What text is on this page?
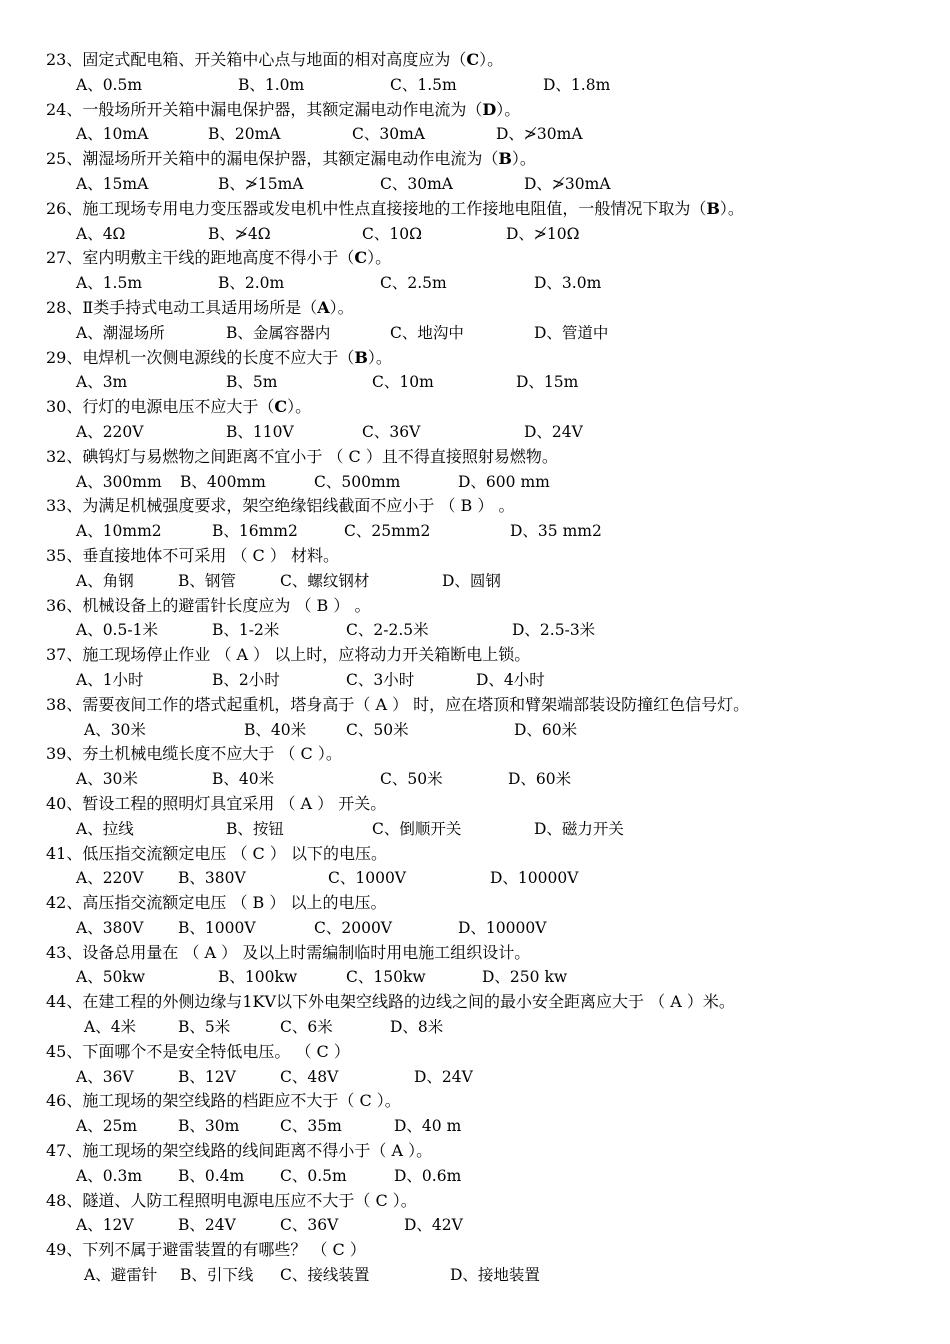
23、固定式配电箱、开关箱中心点与地面的相对高度应为（C）。
A、0.5m	B、1.0m	C、1.5m	D、1.8m
24、一般场所开关箱中漏电保护器，其额定漏电动作电流为（D）。
A、10mA	B、20mA	C、30mA	D、≯30mA
25、潮湿场所开关箱中的漏电保护器，其额定漏电动作电流为（B）。
A、15mA	B、≯15mA	C、30mA	D、≯30mA
26、施工现场专用电力变压器或发电机中性点直接接地的工作接地电阻值，一般情况下取为（B）。
A、4Ω	B、≯4Ω	C、10Ω	D、≯10Ω
27、室内明敷主干线的距地高度不得小于（C）。
A、1.5m	B、2.0m	C、2.5m	D、3.0m
28、Ⅱ类手持式电动工具适用场所是（A）。
A、潮湿场所	B、金属容器内	C、地沟中	D、管道中
29、电焊机一次侧电源线的长度不应大于（B）。
A、3m	B、5m	C、10m	D、15m
30、行灯的电源电压不应大于（C）。
A、220V	B、110V	C、36V	D、24V
32、碘钨灯与易燃物之间距离不宜小于 （ C ）且不得直接照射易燃物。
A、300mm B、400mm	C、500mm	D、600 mm
33、为满足机械强度要求，架空绝缘铝线截面不应小于 （ B ） 。
A、10mm2	B、16mm2	C、25mm2	D、35 mm2
35、垂直接地体不可采用 （ C ） 材料。
A、角钢	B、钢管	C、螺纹钢材	D、圆钢
36、机械设备上的避雷针长度应为 （ B ） 。
A、0.5-1米	B、1-2米	C、2-2.5米	D、2.5-3米
37、施工现场停止作业 （ A ） 以上时，应将动力开关箱断电上锁。
A、1小时	B、2小时	C、3小时	D、4小时
38、需要夜间工作的塔式起重机，塔身高于（ A ） 时，应在塔顶和臂架端部装设防撞红色信号灯。
A、30米	B、40米	C、50米	D、60米
39、夯土机械电缆长度不应大于 （ C ）。
A、30米	B、40米	C、50米	D、60米
40、暂设工程的照明灯具宜采用 （ A ） 开关。
A、拉线	B、按钮	C、倒顺开关	D、磁力开关
41、低压指交流额定电压 （ C ） 以下的电压。
A、220V B、380V	C、1000V	D、10000V
42、高压指交流额定电压 （ B ） 以上的电压。
A、380V B、1000V	C、2000V	D、10000V
43、设备总用量在 （ A ） 及以上时需编制临时用电施工组织设计。
A、50kw	B、100kw	C、150kw	D、250 kw
44、在建工程的外侧边缘与1KV以下外电架空线路的边线之间的最小安全距离应大于 （ A ）米。
A、4米	B、5米	C、6米	D、8米
45、下面哪个不是安全特低电压。 （ C ）
A、36V	B、12V	C、48V	D、24V
46、施工现场的架空线路的档距应不大于（ C ）。
A、25m	B、30m	C、35m	D、40 m
47、施工现场的架空线路的线间距离不得小于（ A ）。
A、0.3m B、0.4m C、0.5m	D、0.6m
48、隧道、人防工程照明电源电压应不大于（ C ）。
A、12V	B、24V	C、36V	D、42V
49、下列不属于避雷装置的有哪些？ （ C ）
A、避雷针 B、引下线 C、接线装置	D、接地装置
